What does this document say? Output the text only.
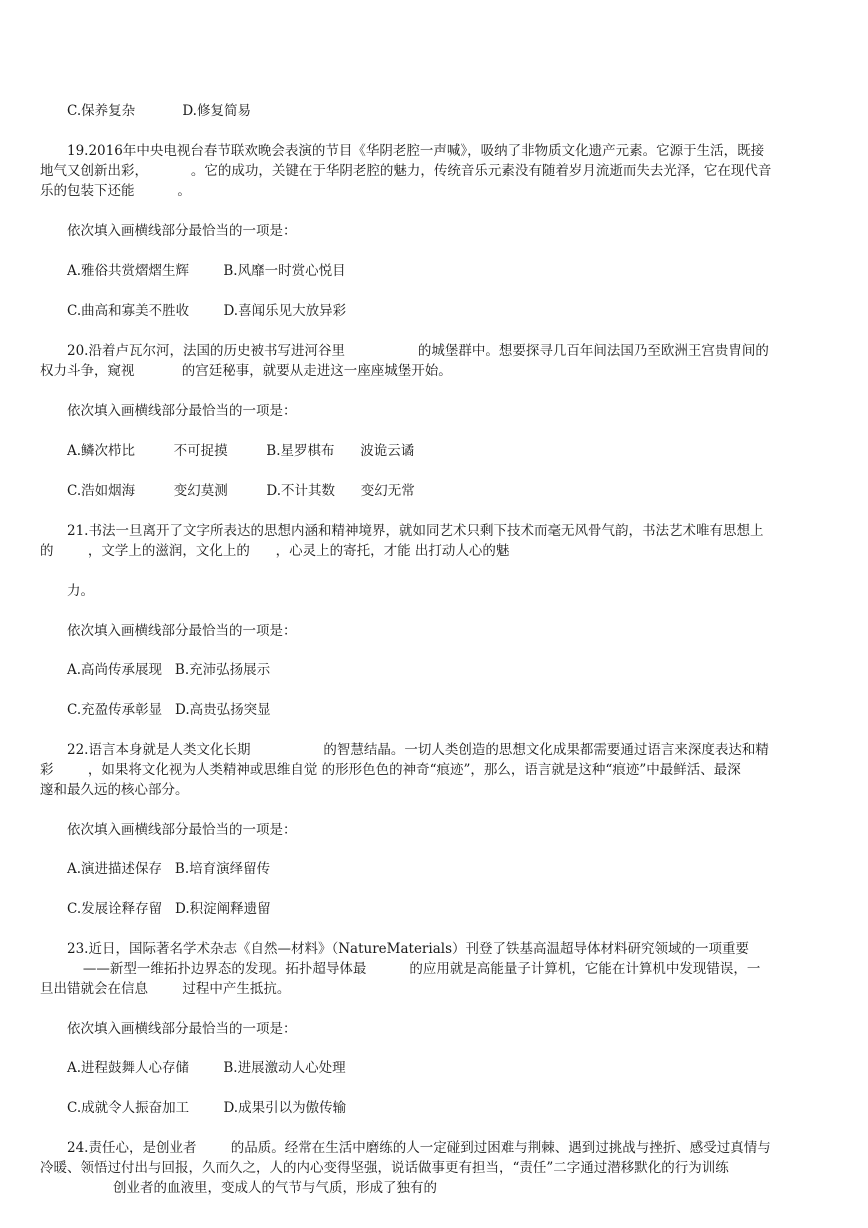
C.保养复杂           D.修复简易
19.2016年中央电视台春节联欢晚会表演的节目《华阴老腔一声喊》，吸纳了非物质文化遗产元素。它源于生活，既接
地气又创新出彩，          。它的成功，关键在于华阴老腔的魅力，传统音乐元素没有随着岁月流逝而失去光泽，它在现代音
乐的包装下还能          。
依次填入画横线部分最恰当的一项是：
A.雅俗共赏熠熠生辉        B.风靡一时赏心悦目
C.曲高和寡美不胜收        D.喜闻乐见大放异彩
20.沿着卢瓦尔河，法国的历史被书写进河谷里                 的城堡群中。想要探寻几百年间法国乃至欧洲王宫贵胄间的
权力斗争，窥视           的宫廷秘事，就要从走进这一座座城堡开始。
依次填入画横线部分最恰当的一项是：
A.鳞次栉比         不可捉摸         B.星罗棋布      波诡云谲
C.浩如烟海         变幻莫测         D.不计其数      变幻无常
21.书法一旦离开了文字所表达的思想内涵和精神境界，就如同艺术只剩下技术而毫无风骨气韵，书法艺术唯有思想上
的        ，文学上的滋润，文化上的      ，心灵上的寄托，才能 出打动人心的魅
力。
依次填入画横线部分最恰当的一项是：
A.高尚传承展现   B.充沛弘扬展示
C.充盈传承彰显   D.高贵弘扬突显
22.语言本身就是人类文化长期                 的智慧结晶。一切人类创造的思想文化成果都需要通过语言来深度表达和精
彩        ，如果将文化视为人类精神或思维自觉 的形形色色的神奇“痕迹”，那么，语言就是这种“痕迹”中最鲜活、最深
邃和最久远的核心部分。
依次填入画横线部分最恰当的一项是：
A.演进描述保存   B.培育演绎留传
C.发展诠释存留   D.积淀阐释遗留
23.近日，国际著名学术杂志《自然—材料》（NatureMaterials）刊登了铁基高温超导体材料研究领域的一项重要
——新型一维拓扑边界态的发现。拓扑超导体最          的应用就是高能量子计算机，它能在计算机中发现错误，一
旦出错就会在信息        过程中产生抵抗。
依次填入画横线部分最恰当的一项是：
A.进程鼓舞人心存储        B.进展激动人心处理
C.成就令人振奋加工        D.成果引以为傲传输
24.责任心，是创业者        的品质。经常在生活中磨练的人一定碰到过困难与荆棘、遇到过挑战与挫折、感受过真情与
冷暖、领悟过付出与回报，久而久之，人的内心变得坚强，说话做事更有担当，“责任”二字通过潜移默化的行为训练
创业者的血液里，变成人的气节与气质，形成了独有的
